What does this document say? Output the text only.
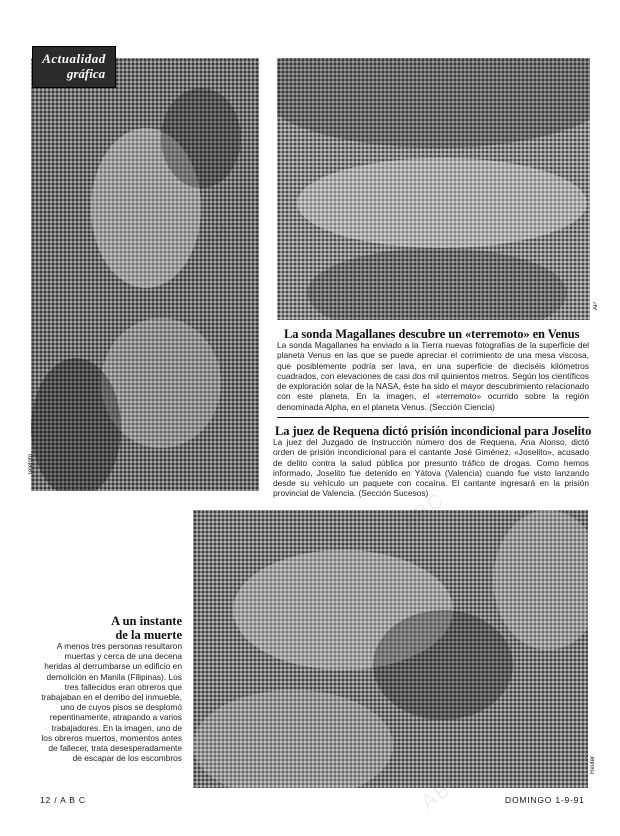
Actualidad
gráfica
Telefoto
AP
La sonda Magallanes descubre un «terremoto» en Venus

La sonda Magallanes ha enviado a la Tierra nuevas fotografías de la superficie del planeta Venus en las que se puede apreciar el corrimiento de una mesa viscosa, que posiblemente podría ser lava, en una superficie de dieciséis kilómetros cuadrados, con elevaciones de casi dos mil quinientos metros. Según los científicos de exploración solar de la NASA, éste ha sido el mayor descubrimiento relacionado con este planeta. En la imagen, el «terremoto» ocurrido sobre la región denominada Alpha, en el planeta Venus. (Sección Ciencia)

La juez de Requena dictó prisión incondicional para Joselito

La juez del Juzgado de Instrucción número dos de Requena, Ana Alonso, dictó orden de prisión incondicional para el cantante José Giménez, «Joselito», acusado de delito contra la salud pública por presunto tráfico de drogas. Como hemos informado, Joselito fue detenido en Yátova (Valencia) cuando fue visto lanzando desde su vehículo un paquete con cocaína. El cantante ingresará en la prisión provincial de Valencia. (Sección Sucesos)

Reuter
A un instante
de la muerte

A menos tres personas resultaron muertas y cerca de una decena heridas al derrumbarse un edificio en demolición en Manila (Filipinas). Los tres fallecidos eran obreros que trabajaban en el derribo del inmueble, uno de cuyos pisos se desplomó repentinamente, atrapando a varios trabajadores. En la imagen, uno de los obreros muertos, momentos antes de fallecer, trata desesperadamente de escapar de los escombros

12 / A B C	DOMINGO 1-9-91
ABC
ABC
ABC
